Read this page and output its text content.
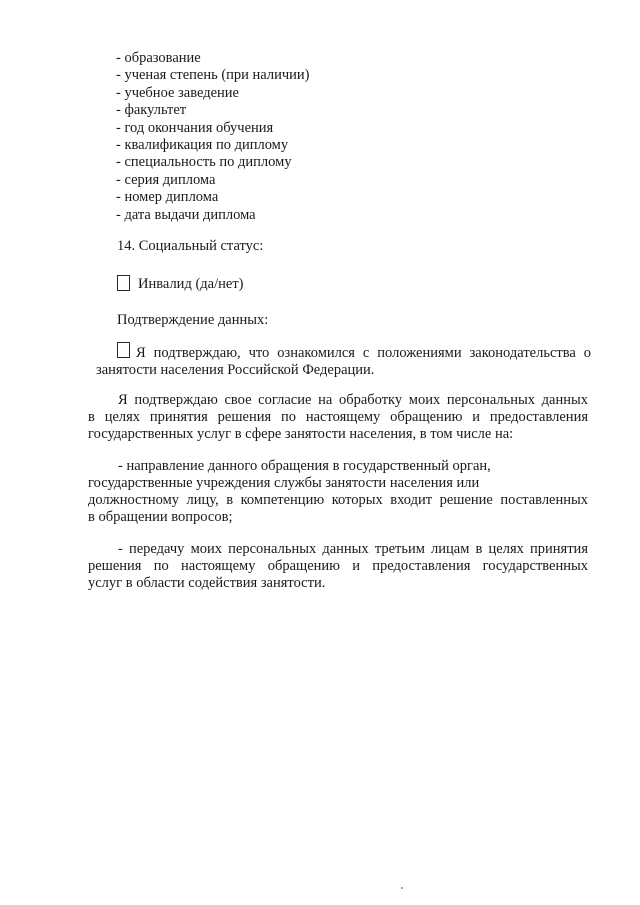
- образование
- ученая степень (при наличии)
- учебное заведение
- факультет
- год окончания обучения
- квалификация по диплому
- специальность по диплому
- серия диплома
- номер диплома
- дата выдачи диплома
14. Социальный статус:
Инвалид (да/нет)
Подтверждение данных:
Я подтверждаю, что ознакомился с положениями законодательства о
занятости населения Российской Федерации.
Я подтверждаю свое согласие на обработку моих персональных данных
в целях принятия решения по настоящему обращению и предоставления
государственных услуг в сфере занятости населения, в том числе на:
- направление данного обращения в государственный орган,
государственные учреждения службы занятости населения или
должностному лицу, в компетенцию которых входит решение поставленных
в обращении вопросов;
- передачу моих персональных данных третьим лицам в целях принятия
решения по настоящему обращению и предоставления государственных
услуг в области содействия занятости.
